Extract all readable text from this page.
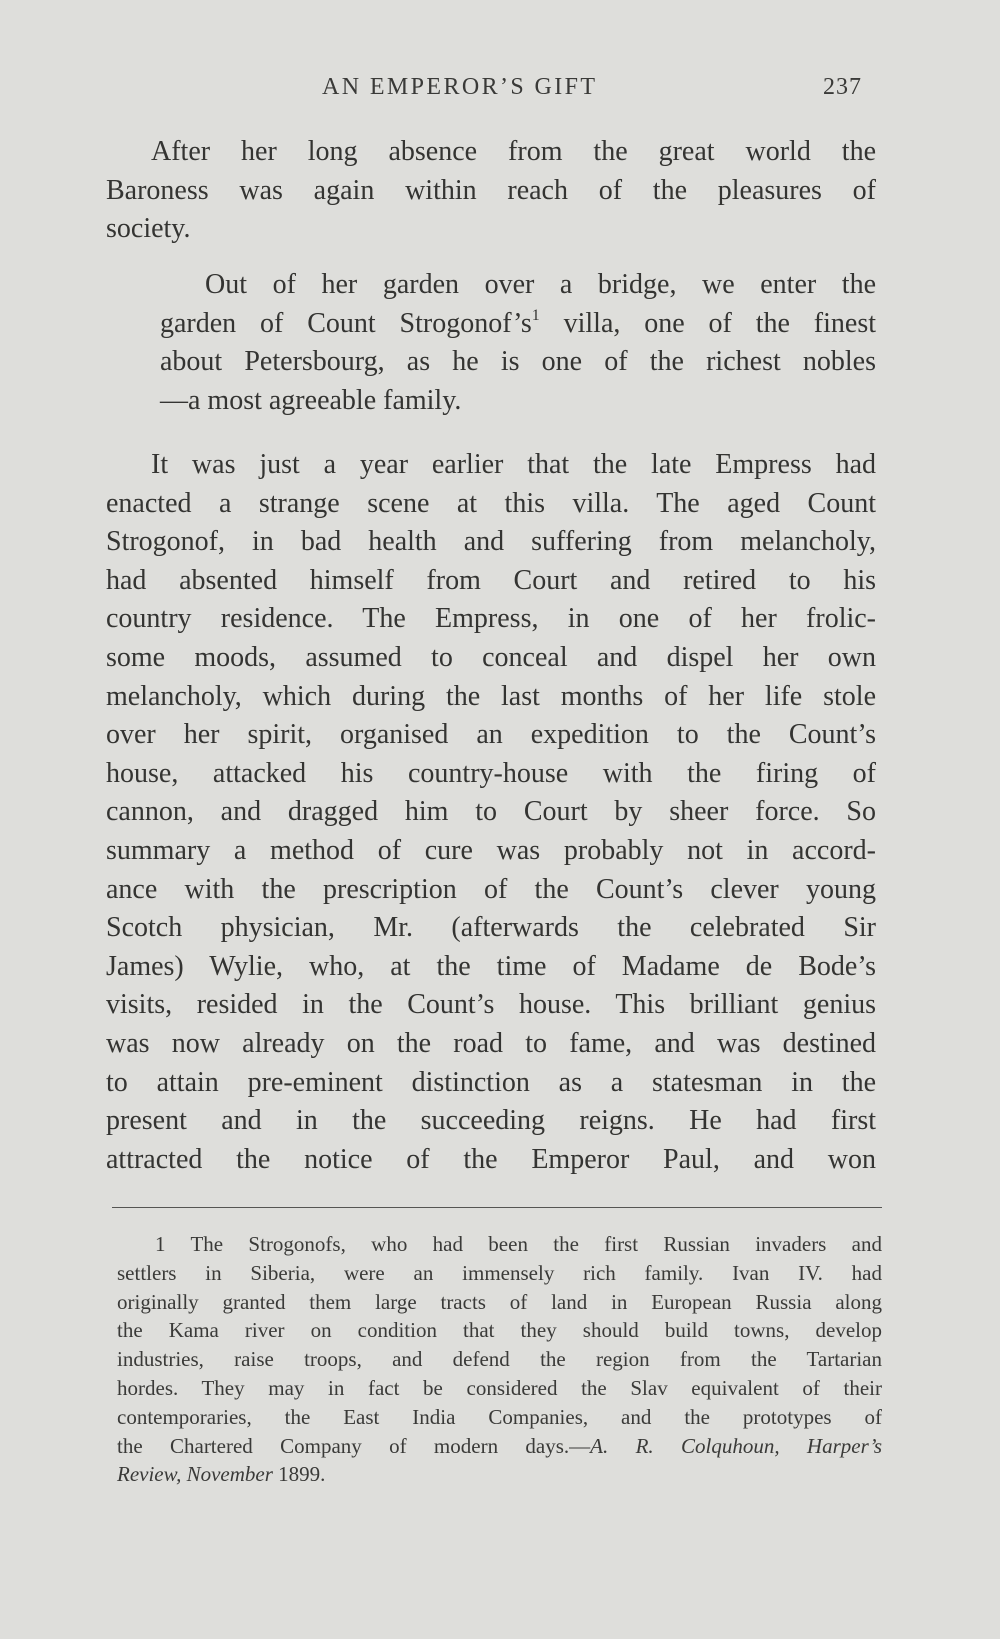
AN EMPEROR’S GIFT	237
After her long absence from the great world the
Baroness was again within reach of the pleasures of
society.
Out of her garden over a bridge, we enter the
garden of Count $Strogonof’s^1$ villa, one of the finest
about Petersbourg, as he is one of the richest nobles
—a most agreeable family.
It was just a year earlier that the late Empress had
enacted a strange scene at this villa. The aged Count
Strogonof, in bad health and suffering from melancholy,
had absented himself from Court and retired to his
country residence. The Empress, in one of her frolic-
some moods, assumed to conceal and dispel her own
melancholy, which during the last months of her life stole
over her spirit, organised an expedition to the Count’s
house, attacked his country-house with the firing of
cannon, and dragged him to Court by sheer force. So
summary a method of cure was probably not in accord-
ance with the prescription of the Count’s clever young
Scotch physician, Mr. (afterwards the celebrated Sir
James) Wylie, who, at the time of Madame de Bode’s
visits, resided in the Count’s house. This brilliant genius
was now already on the road to fame, and was destined
to attain pre-eminent distinction as a statesman in the
present and in the succeeding reigns. He had first
attracted the notice of the Emperor Paul, and won
1 The Strogonofs, who had been the first Russian invaders and
settlers in Siberia, were an immensely rich family. Ivan IV. had
originally granted them large tracts of land in European Russia along
the Kama river on condition that they should build towns, develop
industries, raise troops, and defend the region from the Tartarian
hordes. They may in fact be considered the Slav equivalent of their
contemporaries, the East India Companies, and the prototypes of
the Chartered Company of modern days.—A. R. Colquhoun, Harper’s
Review, November 1899.
